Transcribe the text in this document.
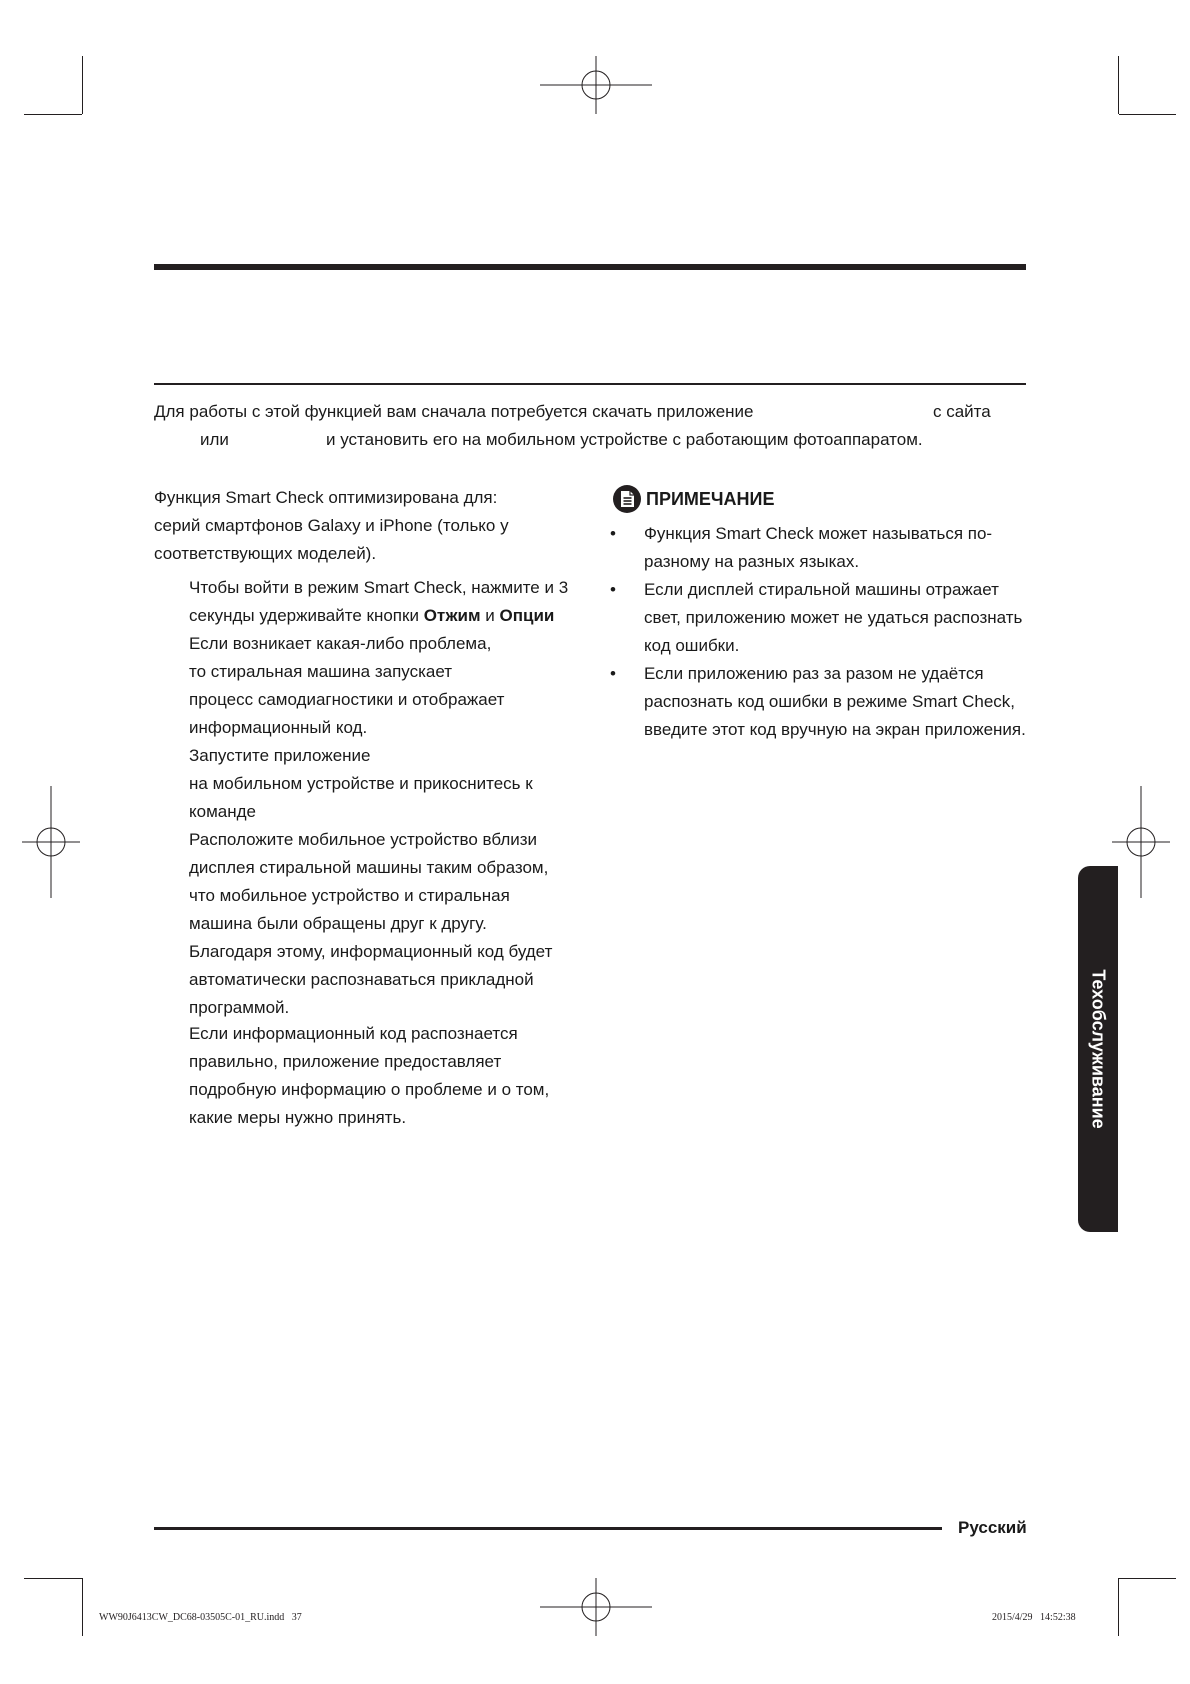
Для работы с этой функцией вам сначала потребуется скачать приложение	с сайта
или	и установить его на мобильном устройстве с работающим фотоаппаратом.
Функция Smart Check оптимизирована для:
серий смартфонов Galaxy и iPhone (только у
соответствующих моделей).
Чтобы войти в режим Smart Check, нажмите и 3
секунды удерживайте кнопки Отжим и Опции
Если возникает какая-либо проблема,
то стиральная машина запускает
процесс самодиагностики и отображает
информационный код.
Запустите приложение
на мобильном устройстве и прикоснитесь к
команде
Расположите мобильное устройство вблизи
дисплея стиральной машины таким образом,
что мобильное устройство и стиральная
машина были обращены друг к другу.
Благодаря этому, информационный код будет
автоматически распознаваться прикладной
программой.
Если информационный код распознается
правильно, приложение предоставляет
подробную информацию о проблеме и о том,
какие меры нужно принять.
ПРИМЕЧАНИЕ
• Функция Smart Check может называться по-
разному на разных языках.
• Если дисплей стиральной машины отражает
свет, приложению может не удаться распознать
код ошибки.
• Если приложению раз за разом не удаётся
распознать код ошибки в режиме Smart Check,
введите этот код вручную на экран приложения.
Техобслуживание
Русский
WW90J6413CW_DC68-03505C-01_RU.indd   37	2015/4/29   14:52:38
